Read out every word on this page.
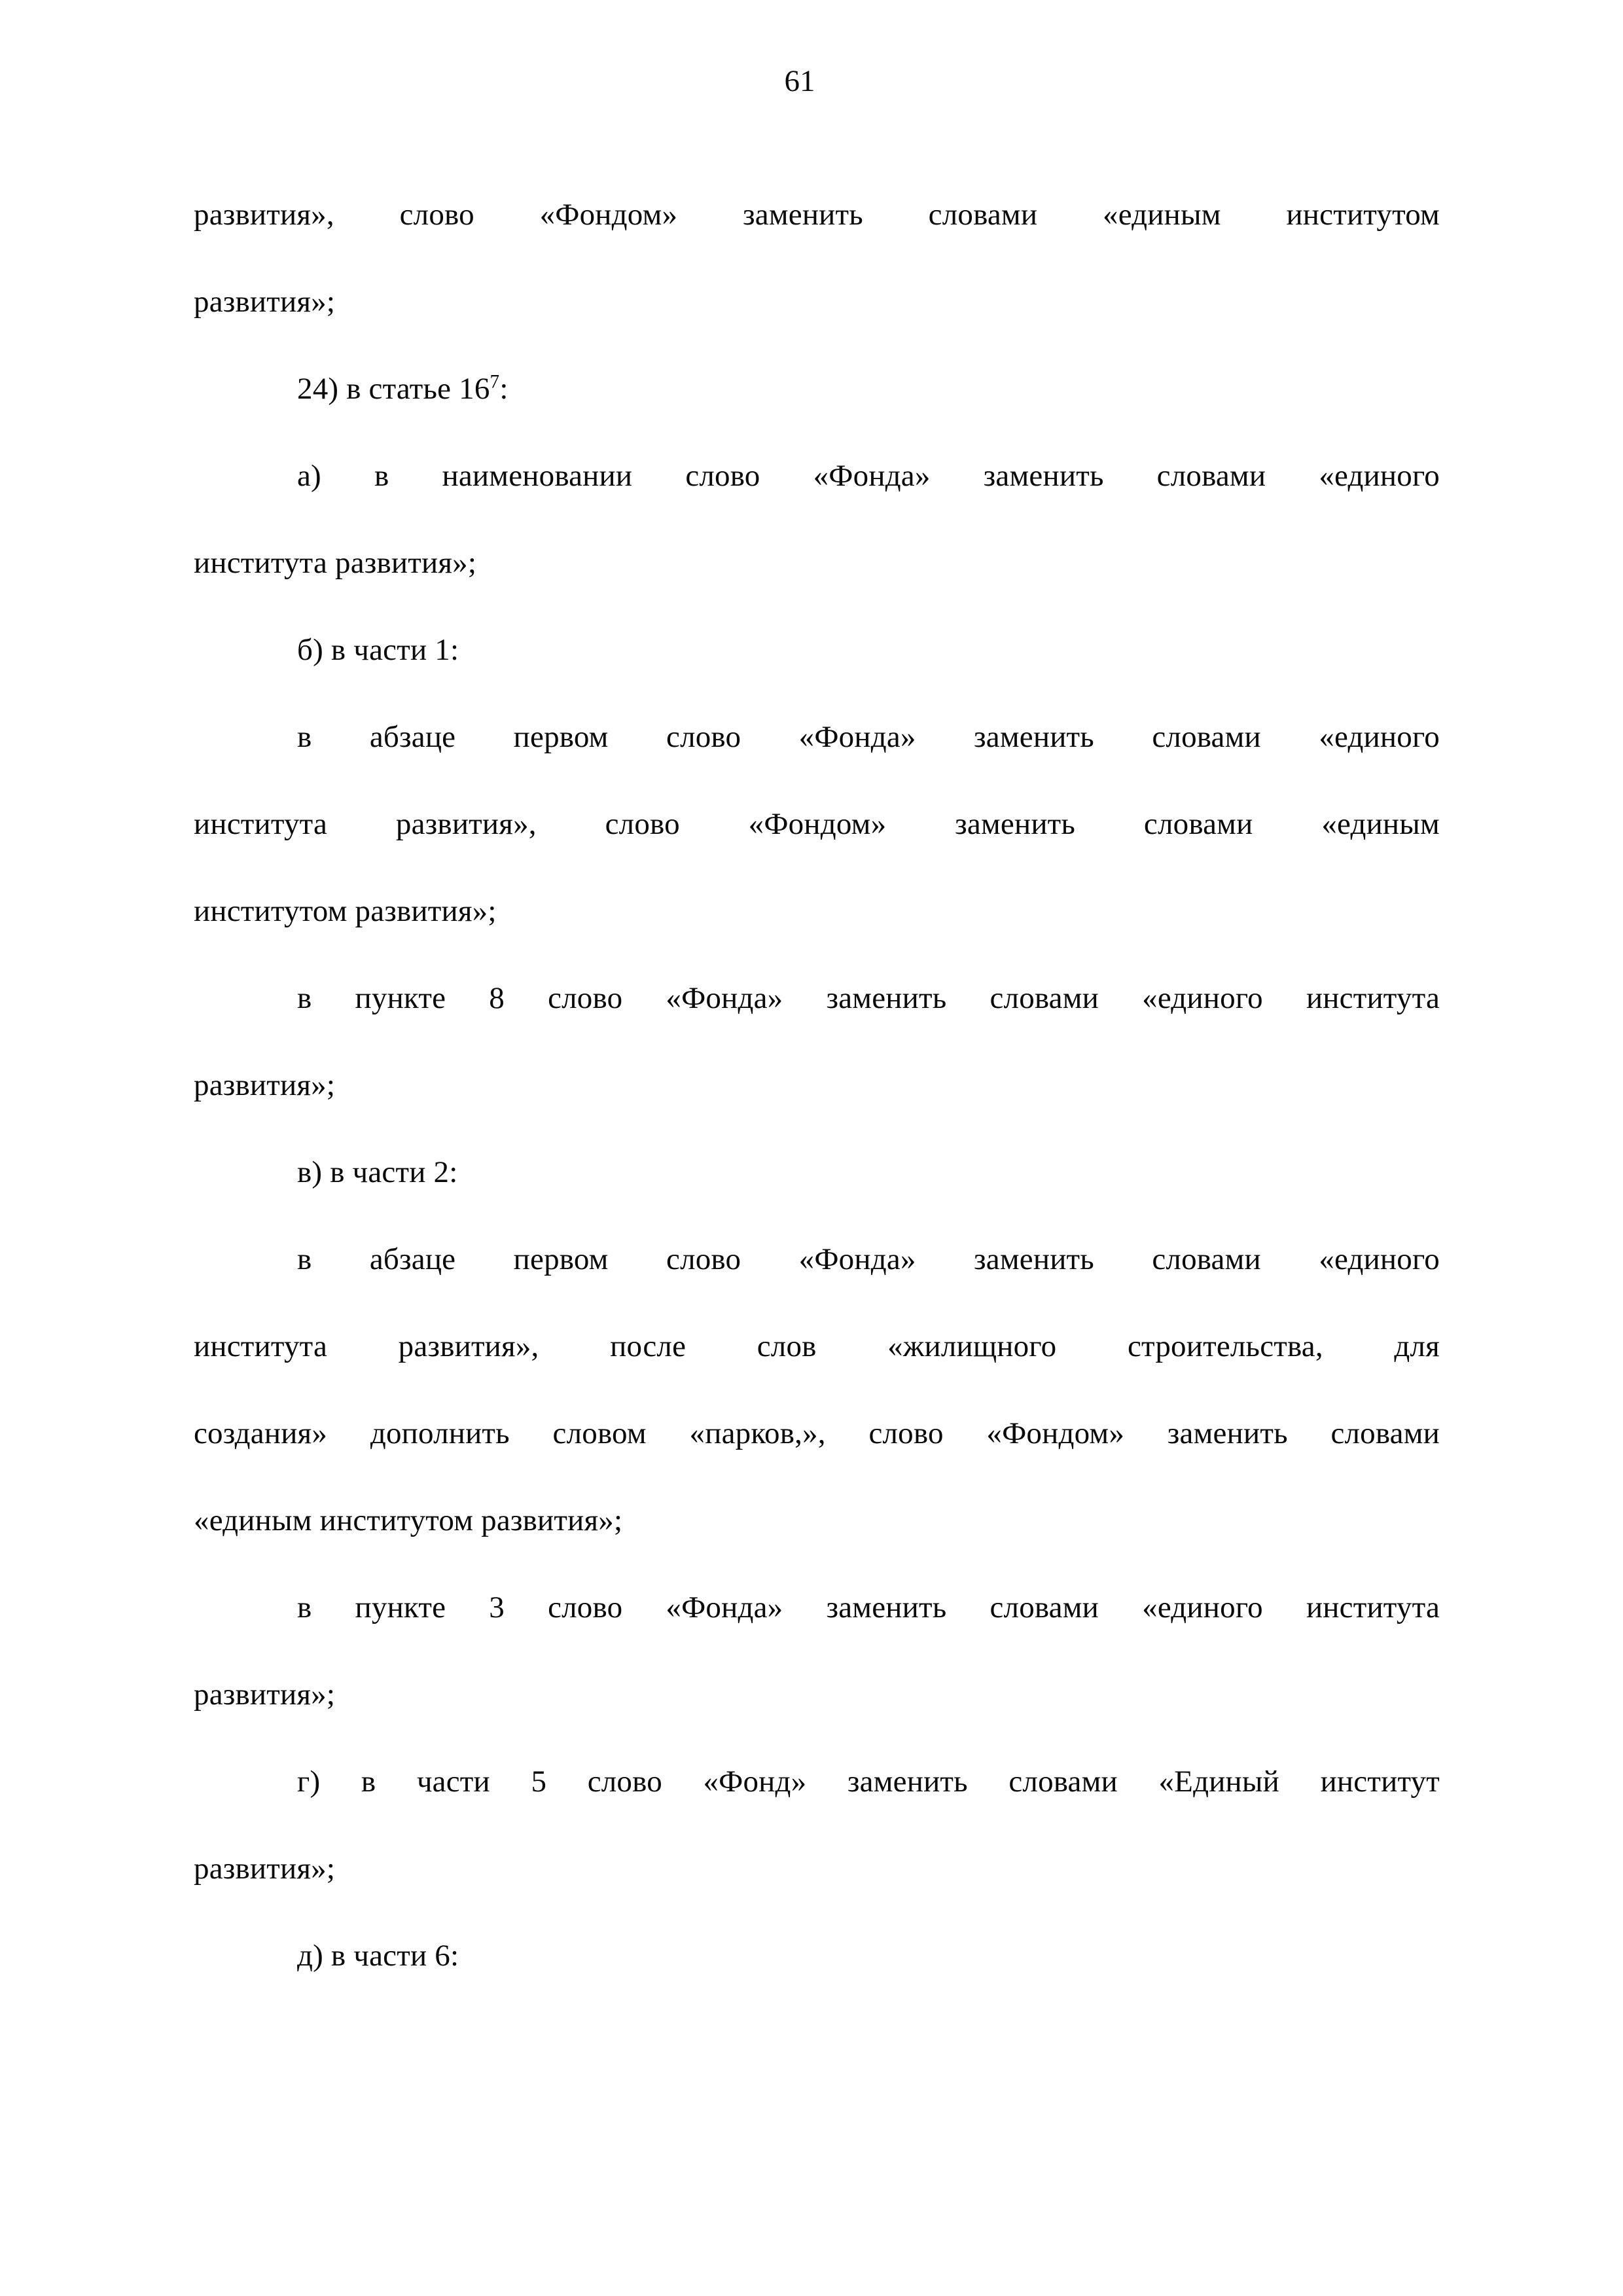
61
развития», слово «Фондом» заменить словами «единым институтом
развития»;
24) в статье $16^7$:
а) в наименовании слово «Фонда» заменить словами «единого
института развития»;
б) в части 1:
в абзаце первом слово «Фонда» заменить словами «единого
института развития», слово «Фондом» заменить словами «единым
институтом развития»;
в пункте 8 слово «Фонда» заменить словами «единого института
развития»;
в) в части 2:
в абзаце первом слово «Фонда» заменить словами «единого
института развития», после слов «жилищного строительства, для
создания» дополнить словом «парков,», слово «Фондом» заменить словами
«единым институтом развития»;
в пункте 3 слово «Фонда» заменить словами «единого института
развития»;
г) в части 5 слово «Фонд» заменить словами «Единый институт
развития»;
д) в части 6:
